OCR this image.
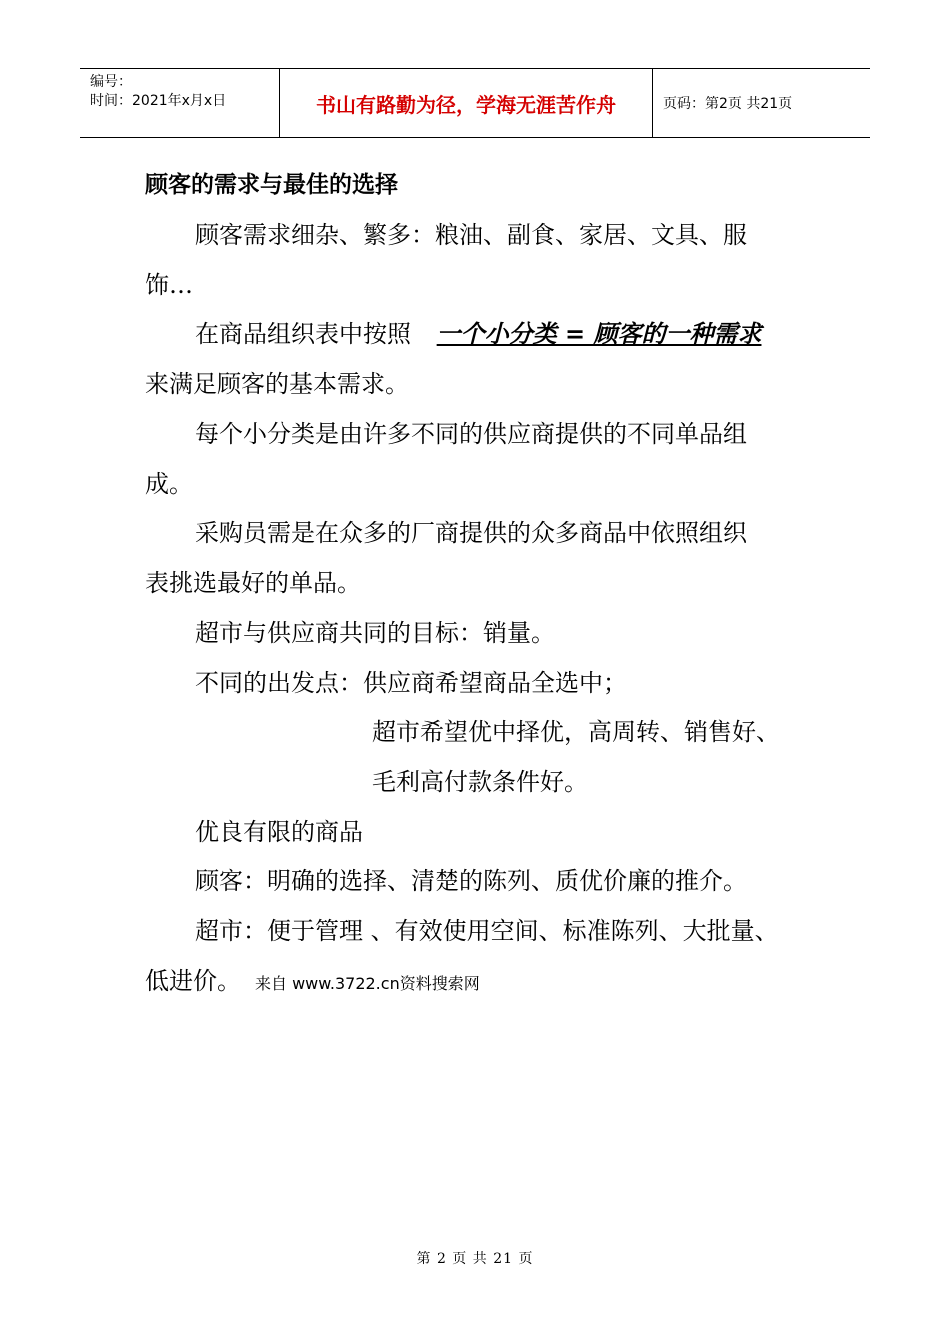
编号：
时间：2021年x月x日	书山有路勤为径，学海无涯苦作舟	页码：第2页 共21页
顾客的需求与最佳的选择
顾客需求细杂、繁多：粮油、副食、家居、文具、服
饰…
在商品组织表中按照 一个小分类 = 顾客的一种需求
来满足顾客的基本需求。
每个小分类是由许多不同的供应商提供的不同单品组
成。
采购员需是在众多的厂商提供的众多商品中依照组织
表挑选最好的单品。
超市与供应商共同的目标：销量。
不同的出发点：供应商希望商品全选中；
超市希望优中择优，高周转、销售好、
毛利高付款条件好。
优良有限的商品
顾客：明确的选择、清楚的陈列、质优价廉的推介。
超市：便于管理 、有效使用空间、标准陈列、大批量、
低进价。 来自 www.3722.cn资料搜索网
第 2 页 共 21 页
